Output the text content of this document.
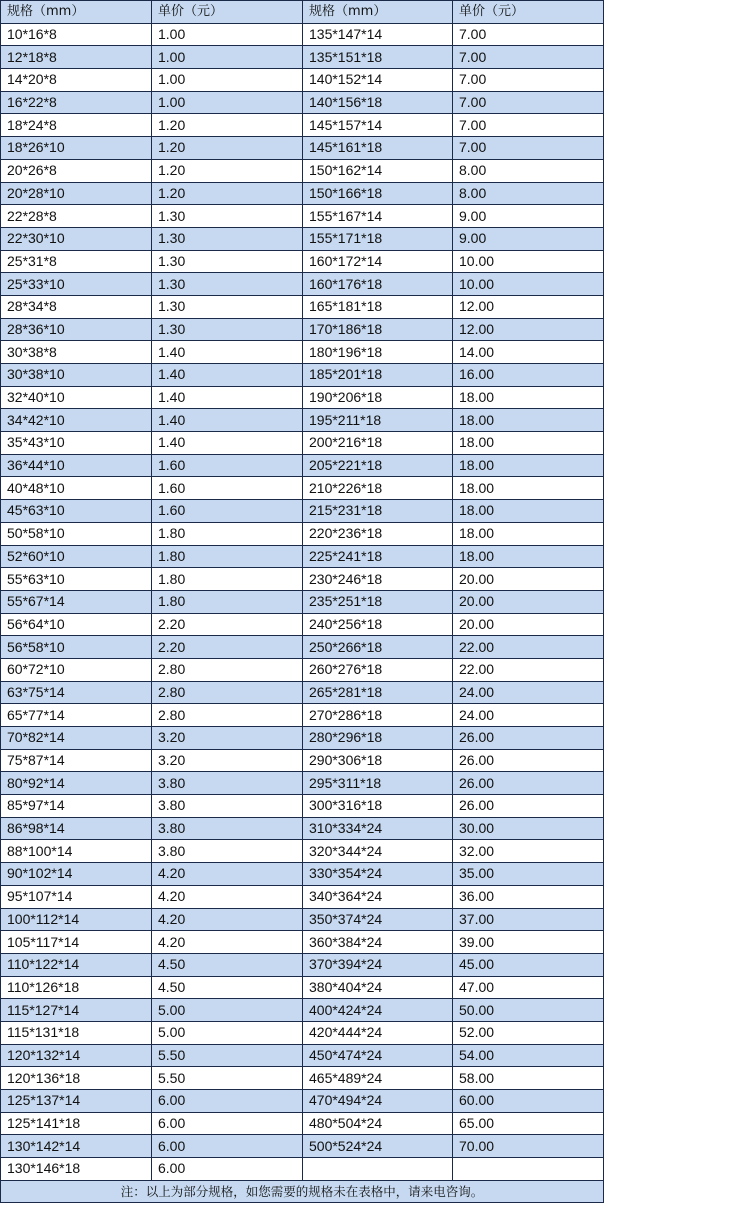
规格（mm）	单价（元）	规格（mm）	单价（元）
10*16*8	1.00	135*147*14	7.00
12*18*8	1.00	135*151*18	7.00
14*20*8	1.00	140*152*14	7.00
16*22*8	1.00	140*156*18	7.00
18*24*8	1.20	145*157*14	7.00
18*26*10	1.20	145*161*18	7.00
20*26*8	1.20	150*162*14	8.00
20*28*10	1.20	150*166*18	8.00
22*28*8	1.30	155*167*14	9.00
22*30*10	1.30	155*171*18	9.00
25*31*8	1.30	160*172*14	10.00
25*33*10	1.30	160*176*18	10.00
28*34*8	1.30	165*181*18	12.00
28*36*10	1.30	170*186*18	12.00
30*38*8	1.40	180*196*18	14.00
30*38*10	1.40	185*201*18	16.00
32*40*10	1.40	190*206*18	18.00
34*42*10	1.40	195*211*18	18.00
35*43*10	1.40	200*216*18	18.00
36*44*10	1.60	205*221*18	18.00
40*48*10	1.60	210*226*18	18.00
45*63*10	1.60	215*231*18	18.00
50*58*10	1.80	220*236*18	18.00
52*60*10	1.80	225*241*18	18.00
55*63*10	1.80	230*246*18	20.00
55*67*14	1.80	235*251*18	20.00
56*64*10	2.20	240*256*18	20.00
56*58*10	2.20	250*266*18	22.00
60*72*10	2.80	260*276*18	22.00
63*75*14	2.80	265*281*18	24.00
65*77*14	2.80	270*286*18	24.00
70*82*14	3.20	280*296*18	26.00
75*87*14	3.20	290*306*18	26.00
80*92*14	3.80	295*311*18	26.00
85*97*14	3.80	300*316*18	26.00
86*98*14	3.80	310*334*24	30.00
88*100*14	3.80	320*344*24	32.00
90*102*14	4.20	330*354*24	35.00
95*107*14	4.20	340*364*24	36.00
100*112*14	4.20	350*374*24	37.00
105*117*14	4.20	360*384*24	39.00
110*122*14	4.50	370*394*24	45.00
110*126*18	4.50	380*404*24	47.00
115*127*14	5.00	400*424*24	50.00
115*131*18	5.00	420*444*24	52.00
120*132*14	5.50	450*474*24	54.00
120*136*18	5.50	465*489*24	58.00
125*137*14	6.00	470*494*24	60.00
125*141*18	6.00	480*504*24	65.00
130*142*14	6.00	500*524*24	70.00
130*146*18	6.00		
注：以上为部分规格，如您需要的规格未在表格中，请来电咨询。			
